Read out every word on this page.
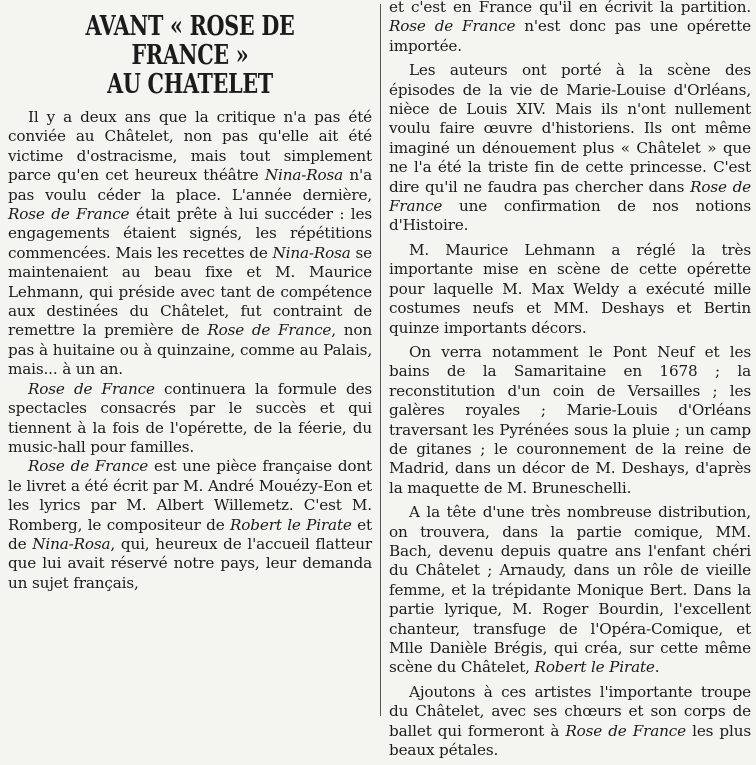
AVANT « ROSE DE FRANCE »
AU CHATELET

Il y a deux ans que la critique n'a pas été conviée au Châtelet, non pas qu'elle ait été victime d'ostracisme, mais tout simplement parce qu'en cet heureux théâtre Nina-Rosa n'a pas voulu céder la place. L'année dernière, Rose de France était prête à lui succéder : les engagements étaient signés, les répétitions commencées. Mais les recettes de Nina-Rosa se maintenaient au beau fixe et M. Maurice Lehmann, qui préside avec tant de compétence aux destinées du Châtelet, fut contraint de remettre la première de Rose de France, non pas à huitaine ou à quinzaine, comme au Palais, mais... à un an.

Rose de France continuera la formule des spectacles consacrés par le succès et qui tiennent à la fois de l'opérette, de la féerie, du music-hall pour familles.

Rose de France est une pièce française dont le livret a été écrit par M. André Mouézy-Eon et les lyrics par M. Albert Willemetz. C'est M. Romberg, le compositeur de Robert le Pirate et de Nina-Rosa, qui, heureux de l'accueil flatteur que lui avait réservé notre pays, leur demanda un sujet français,

et c'est en France qu'il en écrivit la partition. Rose de France n'est donc pas une opérette importée.

Les auteurs ont porté à la scène des épisodes de la vie de Marie-Louise d'Orléans, nièce de Louis XIV. Mais ils n'ont nullement voulu faire œuvre d'historiens. Ils ont même imaginé un dénouement plus « Châtelet » que ne l'a été la triste fin de cette princesse. C'est dire qu'il ne faudra pas chercher dans Rose de France une confirmation de nos notions d'Histoire.

M. Maurice Lehmann a réglé la très importante mise en scène de cette opérette pour laquelle M. Max Weldy a exécuté mille costumes neufs et MM. Deshays et Bertin quinze importants décors.

On verra notamment le Pont Neuf et les bains de la Samaritaine en 1678 ; la reconstitution d'un coin de Versailles ; les galères royales ; Marie-Louis d'Orléans traversant les Pyrénées sous la pluie ; un camp de gitanes ; le couronnement de la reine de Madrid, dans un décor de M. Deshays, d'après la maquette de M. Bruneschelli.

A la tête d'une très nombreuse distribution, on trouvera, dans la partie comique, MM. Bach, devenu depuis quatre ans l'enfant chéri du Châtelet ; Arnaudy, dans un rôle de vieille femme, et la trépidante Monique Bert. Dans la partie lyrique, M. Roger Bourdin, l'excellent chanteur, transfuge de l'Opéra-Comique, et Mlle Danièle Brégis, qui créa, sur cette même scène du Châtelet, Robert le Pirate.

Ajoutons à ces artistes l'importante troupe du Châtelet, avec ses chœurs et son corps de ballet qui formeront à Rose de France les plus beaux pétales.
